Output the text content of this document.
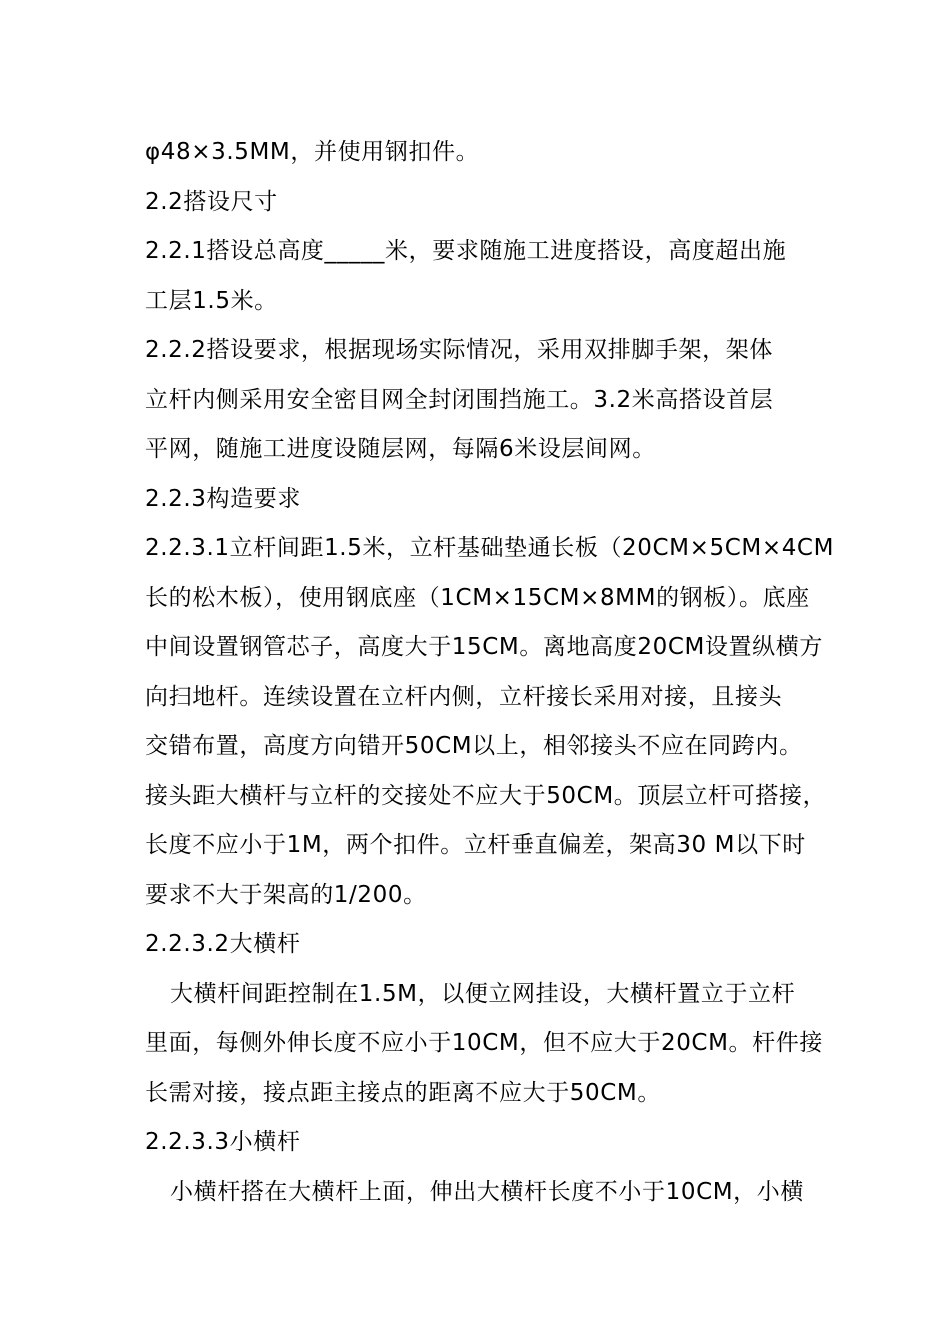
φ48×3.5MM，并使用钢扣件。
2.2搭设尺寸
2.2.1搭设总高度_____米，要求随施工进度搭设，高度超出施
工层1.5米。
2.2.2搭设要求，根据现场实际情况，采用双排脚手架，架体
立杆内侧采用安全密目网全封闭围挡施工。3.2米高搭设首层
平网，随施工进度设随层网，每隔6米设层间网。
2.2.3构造要求
2.2.3.1立杆间距1.5米，立杆基础垫通长板（20CM×5CM×4CM
长的松木板），使用钢底座（1CM×15CM×8MM的钢板）。底座
中间设置钢管芯子，高度大于15CM。离地高度20CM设置纵横方
向扫地杆。连续设置在立杆内侧，立杆接长采用对接，且接头
交错布置，高度方向错开50CM以上，相邻接头不应在同跨内。
接头距大横杆与立杆的交接处不应大于50CM。顶层立杆可搭接，
长度不应小于1M，两个扣件。立杆垂直偏差，架高30 M以下时
要求不大于架高的1/200。
2.2.3.2大横杆
大横杆间距控制在1.5M，以便立网挂设，大横杆置立于立杆
里面，每侧外伸长度不应小于10CM，但不应大于20CM。杆件接
长需对接，接点距主接点的距离不应大于50CM。
2.2.3.3小横杆
小横杆搭在大横杆上面，伸出大横杆长度不小于10CM，小横
